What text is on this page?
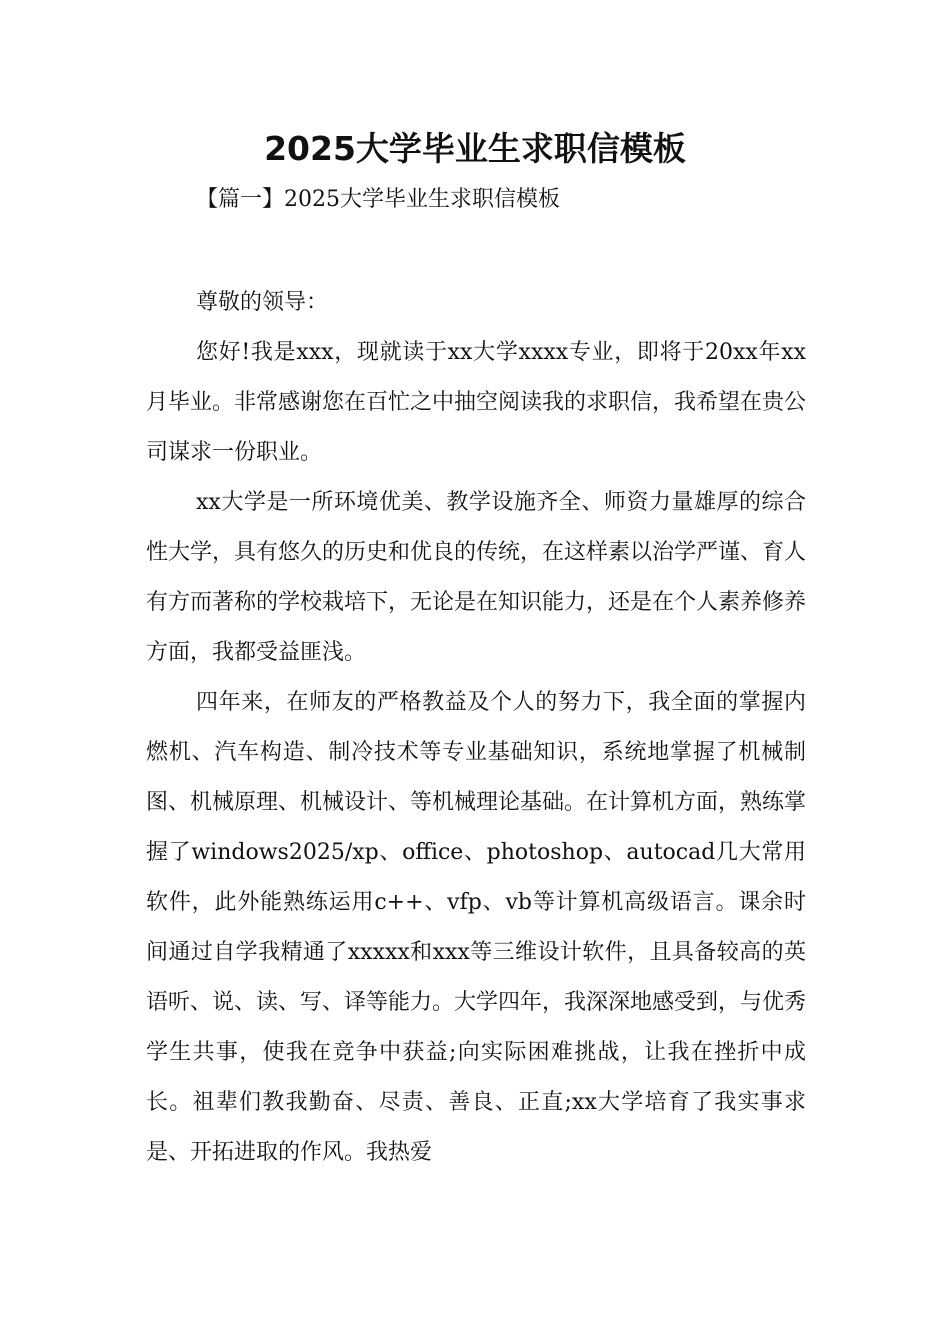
2025大学毕业生求职信模板

【篇一】2025大学毕业生求职信模板

尊敬的领导：

您好!我是xxx，现就读于xx大学xxxx专业，即将于20xx年xx月毕业。非常感谢您在百忙之中抽空阅读我的求职信，我希望在贵公司谋求一份职业。

xx大学是一所环境优美、教学设施齐全、师资力量雄厚的综合性大学，具有悠久的历史和优良的传统，在这样素以治学严谨、育人有方而著称的学校栽培下，无论是在知识能力，还是在个人素养修养方面，我都受益匪浅。

四年来，在师友的严格教益及个人的努力下，我全面的掌握内燃机、汽车构造、制冷技术等专业基础知识，系统地掌握了机械制图、机械原理、机械设计、等机械理论基础。在计算机方面，熟练掌握了windows2025/xp、office、photoshop、autocad几大常用软件，此外能熟练运用c++、vfp、vb等计算机高级语言。课余时间通过自学我精通了xxxxx和xxx等三维设计软件，且具备较高的英语听、说、读、写、译等能力。大学四年，我深深地感受到，与优秀学生共事，使我在竞争中获益;向实际困难挑战，让我在挫折中成长。祖辈们教我勤奋、尽责、善良、正直;xx大学培育了我实事求是、开拓进取的作风。我热爱
